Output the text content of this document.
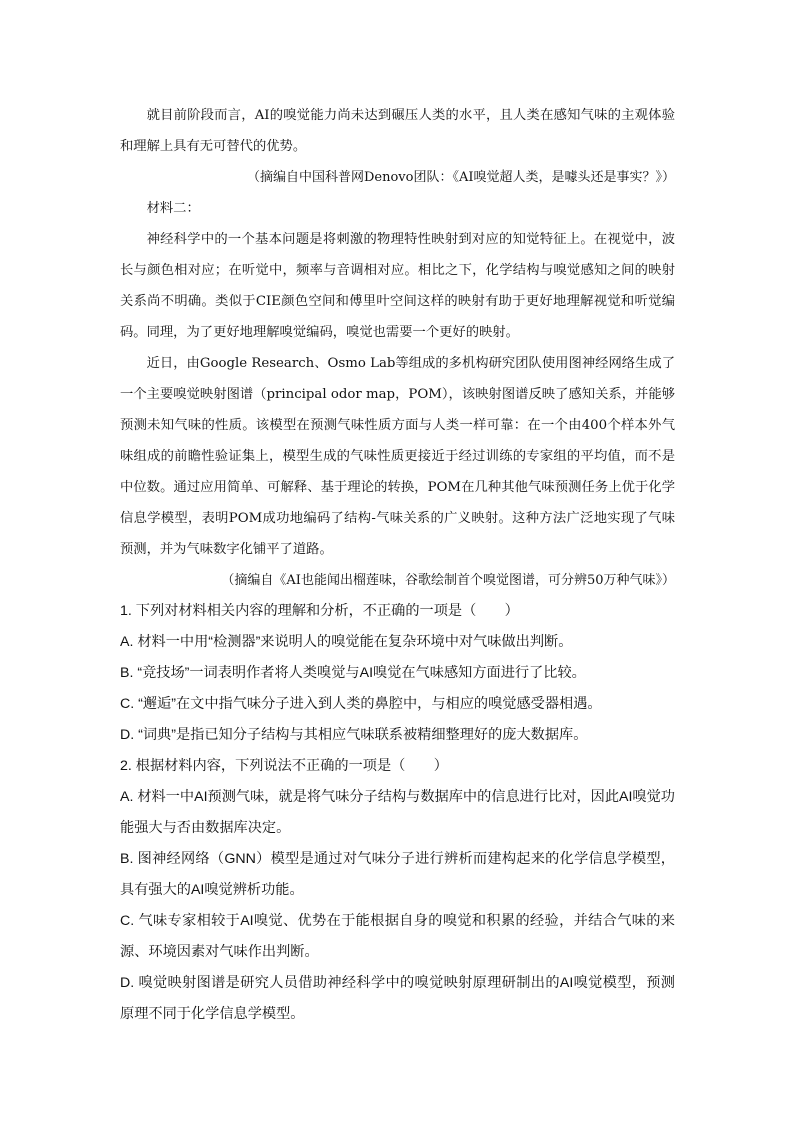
就目前阶段而言，AI的嗅觉能力尚未达到碾压人类的水平，且人类在感知气味的主观体验和理解上具有无可替代的优势。

（摘编自中国科普网Denovo团队：《AI嗅觉超人类，是噱头还是事实？》）

材料二：

神经科学中的一个基本问题是将刺激的物理特性映射到对应的知觉特征上。在视觉中，波长与颜色相对应；在听觉中，频率与音调相对应。相比之下，化学结构与嗅觉感知之间的映射关系尚不明确。类似于CIE颜色空间和傅里叶空间这样的映射有助于更好地理解视觉和听觉编码。同理，为了更好地理解嗅觉编码，嗅觉也需要一个更好的映射。

近日，由Google Research、Osmo Lab等组成的多机构研究团队使用图神经网络生成了一个主要嗅觉映射图谱（principal odor map，POM），该映射图谱反映了感知关系，并能够预测未知气味的性质。该模型在预测气味性质方面与人类一样可靠：在一个由400个样本外气味组成的前瞻性验证集上，模型生成的气味性质更接近于经过训练的专家组的平均值，而不是中位数。通过应用简单、可解释、基于理论的转换，POM在几种其他气味预测任务上优于化学信息学模型，表明POM成功地编码了结构-气味关系的广义映射。这种方法广泛地实现了气味预测，并为气味数字化铺平了道路。

（摘编自《AI也能闻出榴莲味，谷歌绘制首个嗅觉图谱，可分辨50万种气味》）

1. 下列对材料相关内容的理解和分析，不正确的一项是（　　）

A. 材料一中用“检测器”来说明人的嗅觉能在复杂环境中对气味做出判断。

B. “竞技场”一词表明作者将人类嗅觉与AI嗅觉在气味感知方面进行了比较。

C. “邂逅”在文中指气味分子进入到人类的鼻腔中，与相应的嗅觉感受器相遇。

D. “词典”是指已知分子结构与其相应气味联系被精细整理好的庞大数据库。

2. 根据材料内容，下列说法不正确的一项是（　　）

A. 材料一中AI预测气味，就是将气味分子结构与数据库中的信息进行比对，因此AI嗅觉功能强大与否由数据库决定。

B. 图神经网络（GNN）模型是通过对气味分子进行辨析而建构起来的化学信息学模型，具有强大的AI嗅觉辨析功能。

C. 气味专家相较于AI嗅觉、优势在于能根据自身的嗅觉和积累的经验，并结合气味的来源、环境因素对气味作出判断。

D. 嗅觉映射图谱是研究人员借助神经科学中的嗅觉映射原理研制出的AI嗅觉模型，预测原理不同于化学信息学模型。
